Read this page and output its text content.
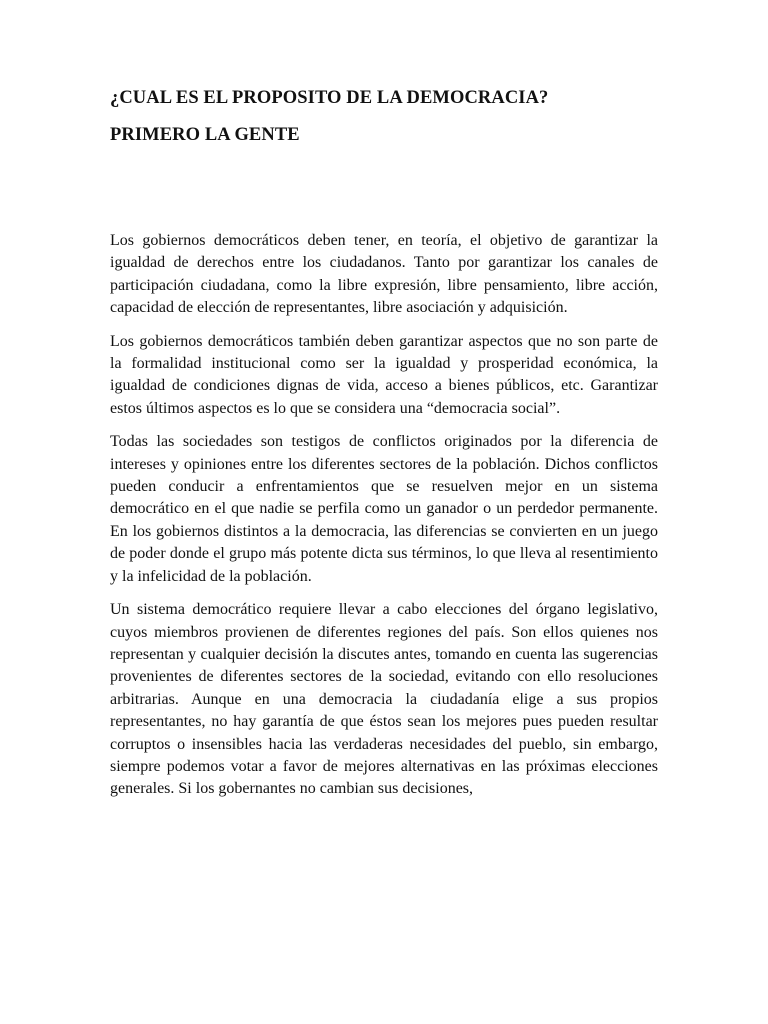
¿CUAL ES EL PROPOSITO DE LA DEMOCRACIA?
PRIMERO LA GENTE

Los gobiernos democráticos deben tener, en teoría, el objetivo de garantizar la igualdad de derechos entre los ciudadanos. Tanto por garantizar los canales de participación ciudadana, como la libre expresión, libre pensamiento, libre acción, capacidad de elección de representantes, libre asociación y adquisición.

Los gobiernos democráticos también deben garantizar aspectos que no son parte de la formalidad institucional como ser la igualdad y prosperidad económica, la igualdad de condiciones dignas de vida, acceso a bienes públicos, etc. Garantizar estos últimos aspectos es lo que se considera una “democracia social”.

Todas las sociedades son testigos de conflictos originados por la diferencia de intereses y opiniones entre los diferentes sectores de la población. Dichos conflictos pueden conducir a enfrentamientos que se resuelven mejor en un sistema democrático en el que nadie se perfila como un ganador o un perdedor permanente. En los gobiernos distintos a la democracia, las diferencias se convierten en un juego de poder donde el grupo más potente dicta sus términos, lo que lleva al resentimiento y la infelicidad de la población.

Un sistema democrático requiere llevar a cabo elecciones del órgano legislativo, cuyos miembros provienen de diferentes regiones del país. Son ellos quienes nos representan y cualquier decisión la discutes antes, tomando en cuenta las sugerencias provenientes de diferentes sectores de la sociedad, evitando con ello resoluciones arbitrarias. Aunque en una democracia la ciudadanía elige a sus propios representantes, no hay garantía de que éstos sean los mejores pues pueden resultar corruptos o insensibles hacia las verdaderas necesidades del pueblo, sin embargo, siempre podemos votar a favor de mejores alternativas en las próximas elecciones generales. Si los gobernantes no cambian sus decisiones,
